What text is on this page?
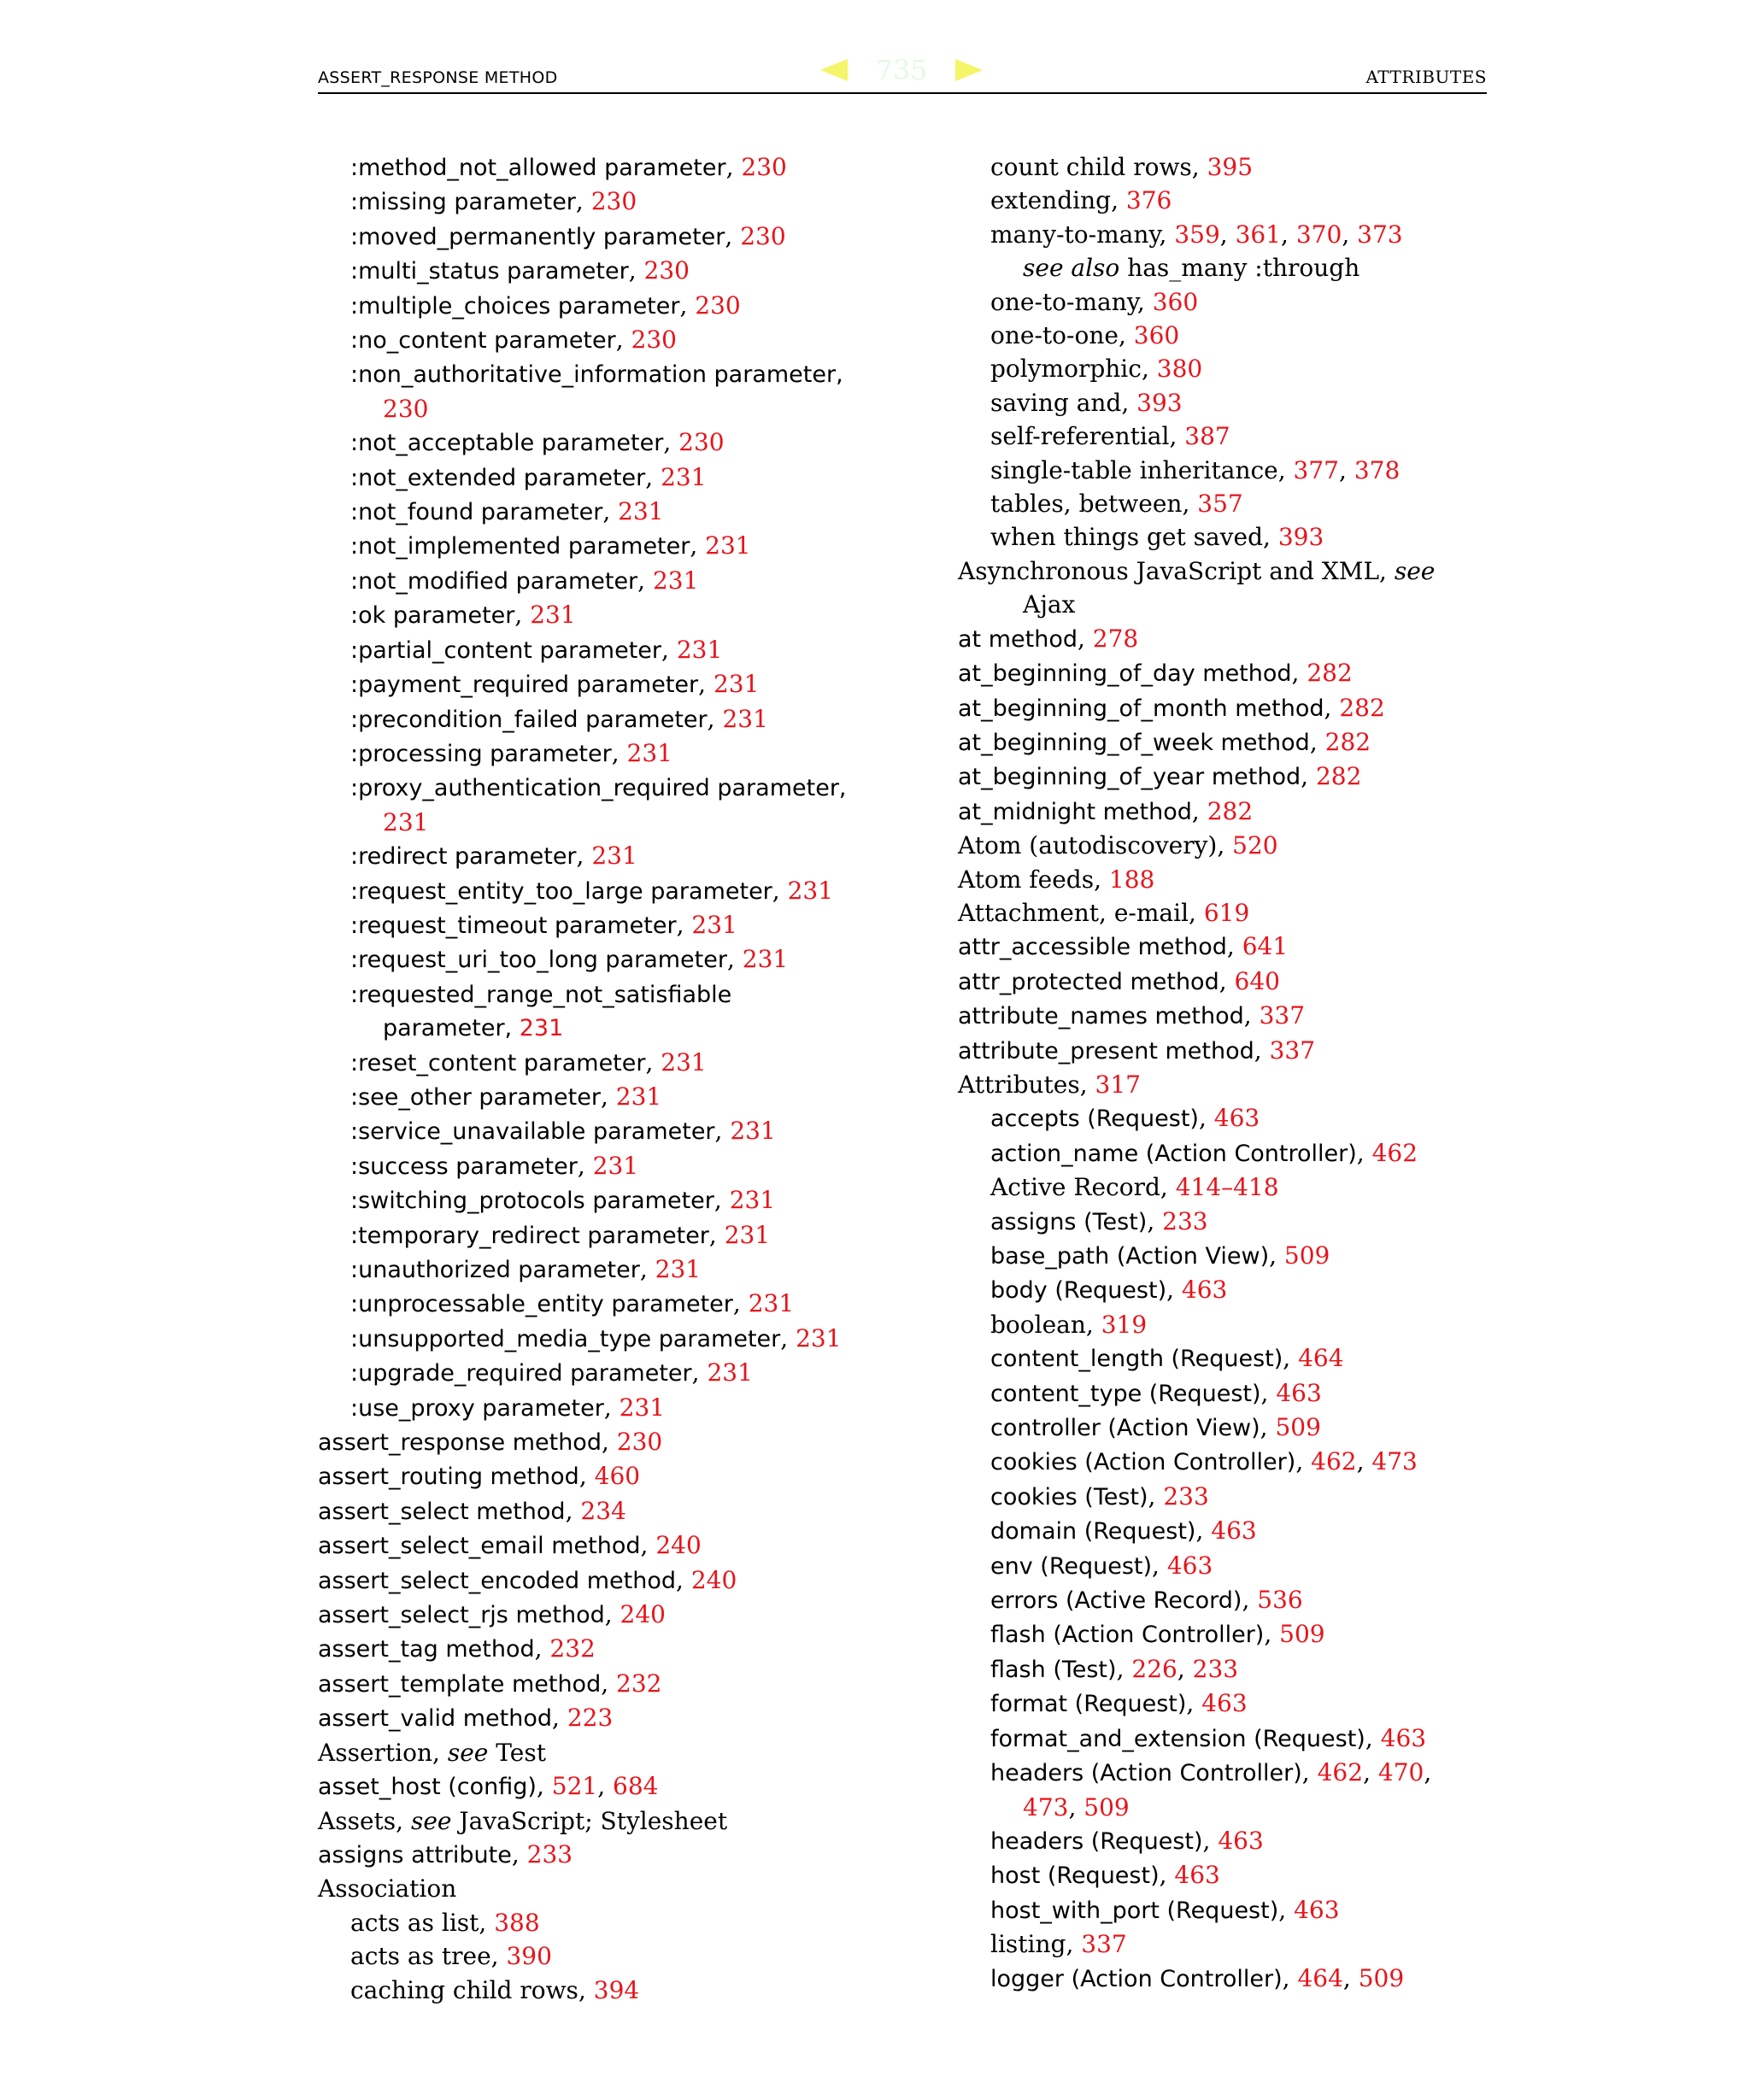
ASSERT_RESPONSE METHOD	ATTRIBUTES
735
:method_not_allowed parameter, 230
:missing parameter, 230
:moved_permanently parameter, 230
:multi_status parameter, 230
:multiple_choices parameter, 230
:no_content parameter, 230
:non_authoritative_information parameter,
230
:not_acceptable parameter, 230
:not_extended parameter, 231
:not_found parameter, 231
:not_implemented parameter, 231
:not_modified parameter, 231
:ok parameter, 231
:partial_content parameter, 231
:payment_required parameter, 231
:precondition_failed parameter, 231
:processing parameter, 231
:proxy_authentication_required parameter,
231
:redirect parameter, 231
:request_entity_too_large parameter, 231
:request_timeout parameter, 231
:request_uri_too_long parameter, 231
:requested_range_not_satisfiable
parameter, 231
:reset_content parameter, 231
:see_other parameter, 231
:service_unavailable parameter, 231
:success parameter, 231
:switching_protocols parameter, 231
:temporary_redirect parameter, 231
:unauthorized parameter, 231
:unprocessable_entity parameter, 231
:unsupported_media_type parameter, 231
:upgrade_required parameter, 231
:use_proxy parameter, 231
assert_response method, 230
assert_routing method, 460
assert_select method, 234
assert_select_email method, 240
assert_select_encoded method, 240
assert_select_rjs method, 240
assert_tag method, 232
assert_template method, 232
assert_valid method, 223
Assertion, see Test
asset_host (config), 521, 684
Assets, see JavaScript; Stylesheet
assigns attribute, 233
Association
acts as list, 388
acts as tree, 390
caching child rows, 394
count child rows, 395
extending, 376
many-to-many, 359, 361, 370, 373
see also has_many :through
one-to-many, 360
one-to-one, 360
polymorphic, 380
saving and, 393
self-referential, 387
single-table inheritance, 377, 378
tables, between, 357
when things get saved, 393
Asynchronous JavaScript and XML, see
Ajax
at method, 278
at_beginning_of_day method, 282
at_beginning_of_month method, 282
at_beginning_of_week method, 282
at_beginning_of_year method, 282
at_midnight method, 282
Atom (autodiscovery), 520
Atom feeds, 188
Attachment, e-mail, 619
attr_accessible method, 641
attr_protected method, 640
attribute_names method, 337
attribute_present method, 337
Attributes, 317
accepts (Request), 463
action_name (Action Controller), 462
Active Record, 414–418
assigns (Test), 233
base_path (Action View), 509
body (Request), 463
boolean, 319
content_length (Request), 464
content_type (Request), 463
controller (Action View), 509
cookies (Action Controller), 462, 473
cookies (Test), 233
domain (Request), 463
env (Request), 463
errors (Active Record), 536
flash (Action Controller), 509
flash (Test), 226, 233
format (Request), 463
format_and_extension (Request), 463
headers (Action Controller), 462, 470,
473, 509
headers (Request), 463
host (Request), 463
host_with_port (Request), 463
listing, 337
logger (Action Controller), 464, 509
